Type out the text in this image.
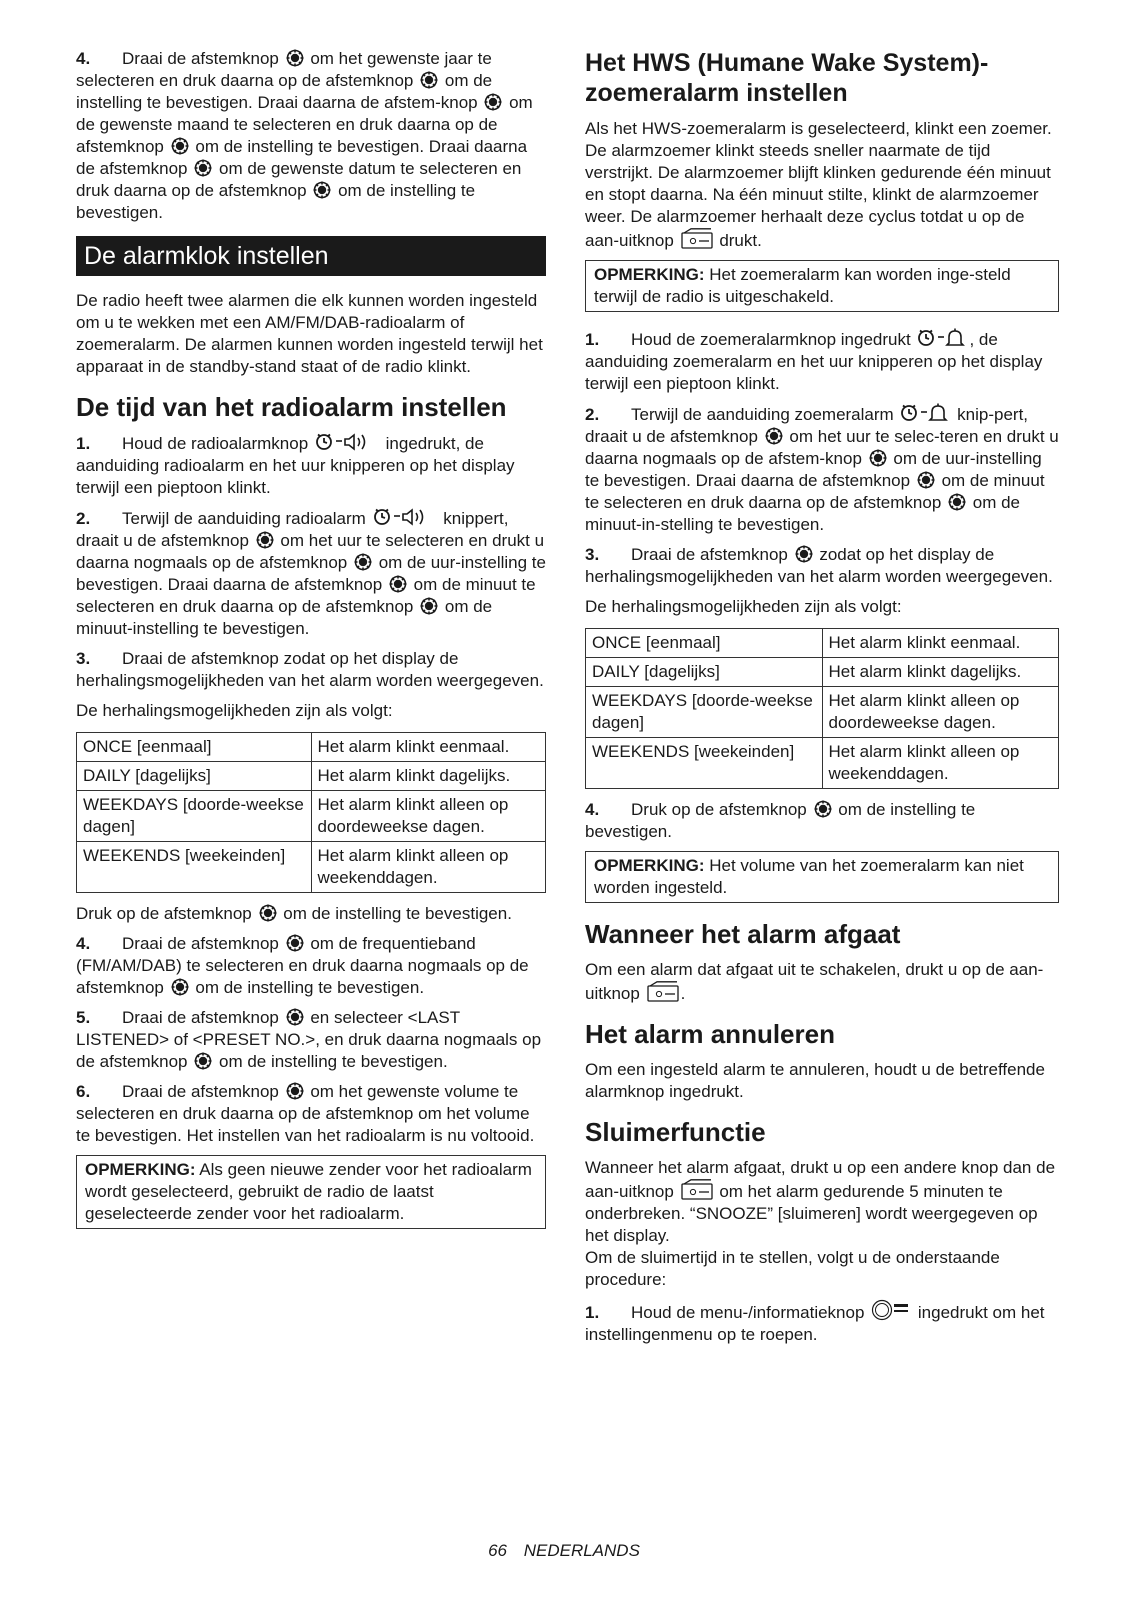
4. Draai de afstemknop om het gewenste jaar te selecteren en druk daarna op de afstemknop om de instelling te bevestigen. Draai daarna de afstem-knop om de gewenste maand te selecteren en druk daarna op de afstemknop om de instelling te bevestigen. Draai daarna de afstemknop om de gewenste datum te selecteren en druk daarna op de afstemknop om de instelling te bevestigen.
De alarmklok instellen

De radio heeft twee alarmen die elk kunnen worden ingesteld om u te wekken met een AM/FM/DAB-radioalarm of zoemeralarm. De alarmen kunnen worden ingesteld terwijl het apparaat in de standby-stand staat of de radio klinkt.

De tijd van het radioalarm instellen
1. Houd de radioalarmknop	ingedrukt, de aanduiding radioalarm en het uur knipperen op het display terwijl een pieptoon klinkt.
2. Terwijl de aanduiding radioalarm	knippert, draait u de afstemknop om het uur te selecteren en drukt u daarna nogmaals op de afstemknop om de uur-instelling te bevestigen. Draai daarna de afstemknop om de minuut te selecteren en druk daarna op de afstemknop om de minuut-instelling te bevestigen.
3. Draai de afstemknop zodat op het display de herhalingsmogelijkheden van het alarm worden weergegeven.

De herhalingsmogelijkheden zijn als volgt:

ONCE [eenmaal]	Het alarm klinkt eenmaal.
DAILY [dagelijks]	Het alarm klinkt dagelijks.
WEEKDAYS [doorde-weekse dagen]	Het alarm klinkt alleen op doordeweekse dagen.
WEEKENDS [weekeinden]	Het alarm klinkt alleen op weekenddagen.

Druk op de afstemknop om de instelling te bevestigen.

4. Draai de afstemknop om de frequentieband (FM/AM/DAB) te selecteren en druk daarna nogmaals op de afstemknop om de instelling te bevestigen.
5. Draai de afstemknop en selecteer <LAST LISTENED> of <PRESET NO.>, en druk daarna nogmaals op de afstemknop om de instelling te bevestigen.
6. Draai de afstemknop om het gewenste volume te selecteren en druk daarna op de afstemknop om het volume te bevestigen. Het instellen van het radioalarm is nu voltooid.
OPMERKING: Als geen nieuwe zender voor het radioalarm wordt geselecteerd, gebruikt de radio de laatst geselecteerde zender voor het radioalarm.
Het HWS (Humane Wake System)-zoemeralarm instellen

Als het HWS-zoemeralarm is geselecteerd, klinkt een zoemer.

De alarmzoemer klinkt steeds sneller naarmate de tijd verstrijkt. De alarmzoemer blijft klinken gedurende één minuut en stopt daarna. Na één minuut stilte, klinkt de alarmzoemer weer. De alarmzoemer herhaalt deze cyclus totdat u op de aan-uitknop	drukt.

OPMERKING: Het zoemeralarm kan worden inge-steld terwijl de radio is uitgeschakeld.
1. Houd de zoemeralarmknop ingedrukt	, de aanduiding zoemeralarm en het uur knipperen op het display terwijl een pieptoon klinkt.
2. Terwijl de aanduiding zoemeralarm	knip-pert, draait u de afstemknop om het uur te selec-teren en drukt u daarna nogmaals op de afstem-knop om de uur-instelling te bevestigen. Draai daarna de afstemknop om de minuut te selecteren en druk daarna op de afstemknop om de minuut-in-stelling te bevestigen.
3. Draai de afstemknop zodat op het display de herhalingsmogelijkheden van het alarm worden weergegeven.

De herhalingsmogelijkheden zijn als volgt:

ONCE [eenmaal]	Het alarm klinkt eenmaal.
DAILY [dagelijks]	Het alarm klinkt dagelijks.
WEEKDAYS [doorde-weekse dagen]	Het alarm klinkt alleen op doordeweekse dagen.
WEEKENDS [weekeinden]	Het alarm klinkt alleen op weekenddagen.
4. Druk op de afstemknop om de instelling te bevestigen.
OPMERKING: Het volume van het zoemeralarm kan niet worden ingesteld.
Wanneer het alarm afgaat

Om een alarm dat afgaat uit te schakelen, drukt u op de aan-uitknop .

Het alarm annuleren

Om een ingesteld alarm te annuleren, houdt u de betreffende alarmknop ingedrukt.

Sluimerfunctie

Wanneer het alarm afgaat, drukt u op een andere knop dan de aan-uitknop	om het alarm gedurende 5 minuten te onderbreken. “SNOOZE” [sluimeren] wordt weergegeven op het display.

Om de sluimertijd in te stellen, volgt u de onderstaande procedure:

1. Houd de menu-/informatieknop	ingedrukt om het instellingenmenu op te roepen.
66 NEDERLANDS
